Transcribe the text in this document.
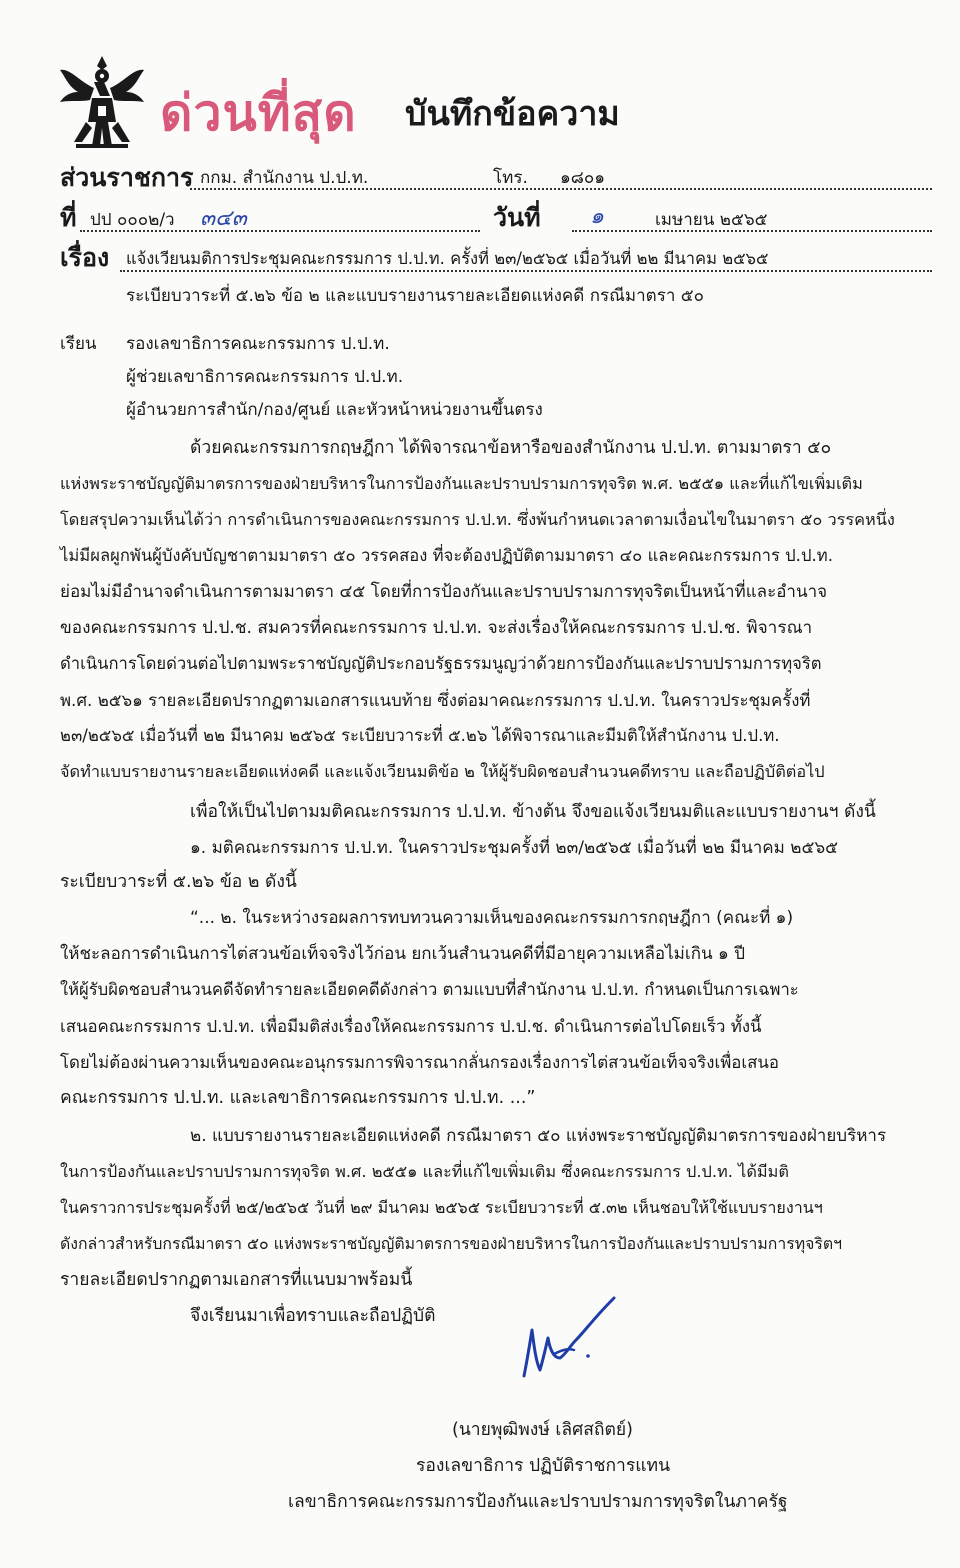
ด่วนที่สุด บันทึกข้อความ
ส่วนราชการ กกม. สำนักงาน ป.ป.ท.	โทร. ๑๘๐๑
ที่ ปป ๐๐๐๒/ว ๓๔๓	วันที่ ๑	เมษายน ๒๕๖๕
เรื่อง แจ้งเวียนมติการประชุมคณะกรรมการ ป.ป.ท. ครั้งที่ ๒๓/๒๕๖๕ เมื่อวันที่ ๒๒ มีนาคม ๒๕๖๕
ระเบียบวาระที่ ๕.๒๖ ข้อ ๒ และแบบรายงานรายละเอียดแห่งคดี กรณีมาตรา ๕๐
เรียน รองเลขาธิการคณะกรรมการ ป.ป.ท.
ผู้ช่วยเลขาธิการคณะกรรมการ ป.ป.ท.
ผู้อำนวยการสำนัก/กอง/ศูนย์ และหัวหน้าหน่วยงานขึ้นตรง
ด้วยคณะกรรมการกฤษฎีกา ได้พิจารณาข้อหารือของสำนักงาน ป.ป.ท. ตามมาตรา ๕๐
แห่งพระราชบัญญัติมาตรการของฝ่ายบริหารในการป้องกันและปราบปรามการทุจริต พ.ศ. ๒๕๕๑ และที่แก้ไขเพิ่มเติม
โดยสรุปความเห็นได้ว่า การดำเนินการของคณะกรรมการ ป.ป.ท. ซึ่งพ้นกำหนดเวลาตามเงื่อนไขในมาตรา ๕๐ วรรคหนึ่ง
ไม่มีผลผูกพันผู้บังคับบัญชาตามมาตรา ๕๐ วรรคสอง ที่จะต้องปฏิบัติตามมาตรา ๔๐ และคณะกรรมการ ป.ป.ท.
ย่อมไม่มีอำนาจดำเนินการตามมาตรา ๔๕ โดยที่การป้องกันและปราบปรามการทุจริตเป็นหน้าที่และอำนาจ
ของคณะกรรมการ ป.ป.ช. สมควรที่คณะกรรมการ ป.ป.ท. จะส่งเรื่องให้คณะกรรมการ ป.ป.ช. พิจารณา
ดำเนินการโดยด่วนต่อไปตามพระราชบัญญัติประกอบรัฐธรรมนูญว่าด้วยการป้องกันและปราบปรามการทุจริต
พ.ศ. ๒๕๖๑ รายละเอียดปรากฏตามเอกสารแนบท้าย ซึ่งต่อมาคณะกรรมการ ป.ป.ท. ในคราวประชุมครั้งที่
๒๓/๒๕๖๕ เมื่อวันที่ ๒๒ มีนาคม ๒๕๖๕ ระเบียบวาระที่ ๕.๒๖ ได้พิจารณาและมีมติให้สำนักงาน ป.ป.ท.
จัดทำแบบรายงานรายละเอียดแห่งคดี และแจ้งเวียนมติข้อ ๒ ให้ผู้รับผิดชอบสำนวนคดีทราบ และถือปฏิบัติต่อไป
เพื่อให้เป็นไปตามมติคณะกรรมการ ป.ป.ท. ข้างต้น จึงขอแจ้งเวียนมติและแบบรายงานฯ ดังนี้
๑. มติคณะกรรมการ ป.ป.ท. ในคราวประชุมครั้งที่ ๒๓/๒๕๖๕ เมื่อวันที่ ๒๒ มีนาคม ๒๕๖๕
ระเบียบวาระที่ ๕.๒๖ ข้อ ๒ ดังนี้
“... ๒. ในระหว่างรอผลการทบทวนความเห็นของคณะกรรมการกฤษฎีกา (คณะที่ ๑)
ให้ชะลอการดำเนินการไต่สวนข้อเท็จจริงไว้ก่อน ยกเว้นสำนวนคดีที่มีอายุความเหลือไม่เกิน ๑ ปี
ให้ผู้รับผิดชอบสำนวนคดีจัดทำรายละเอียดคดีดังกล่าว ตามแบบที่สำนักงาน ป.ป.ท. กำหนดเป็นการเฉพาะ
เสนอคณะกรรมการ ป.ป.ท. เพื่อมีมติส่งเรื่องให้คณะกรรมการ ป.ป.ช. ดำเนินการต่อไปโดยเร็ว ทั้งนี้
โดยไม่ต้องผ่านความเห็นของคณะอนุกรรมการพิจารณากลั่นกรองเรื่องการไต่สวนข้อเท็จจริงเพื่อเสนอ
คณะกรรมการ ป.ป.ท. และเลขาธิการคณะกรรมการ ป.ป.ท. ...”
๒. แบบรายงานรายละเอียดแห่งคดี กรณีมาตรา ๕๐ แห่งพระราชบัญญัติมาตรการของฝ่ายบริหาร
ในการป้องกันและปราบปรามการทุจริต พ.ศ. ๒๕๕๑ และที่แก้ไขเพิ่มเติม ซึ่งคณะกรรมการ ป.ป.ท. ได้มีมติ
ในคราวการประชุมครั้งที่ ๒๕/๒๕๖๕ วันที่ ๒๙ มีนาคม ๒๕๖๕ ระเบียบวาระที่ ๕.๓๒ เห็นชอบให้ใช้แบบรายงานฯ
ดังกล่าวสำหรับกรณีมาตรา ๕๐ แห่งพระราชบัญญัติมาตรการของฝ่ายบริหารในการป้องกันและปราบปรามการทุจริตฯ
รายละเอียดปรากฏตามเอกสารที่แนบมาพร้อมนี้
จึงเรียนมาเพื่อทราบและถือปฏิบัติ
(นายพุฒิพงษ์ เลิศสถิตย์)
รองเลขาธิการ ปฏิบัติราชการแทน
เลขาธิการคณะกรรมการป้องกันและปราบปรามการทุจริตในภาครัฐ
